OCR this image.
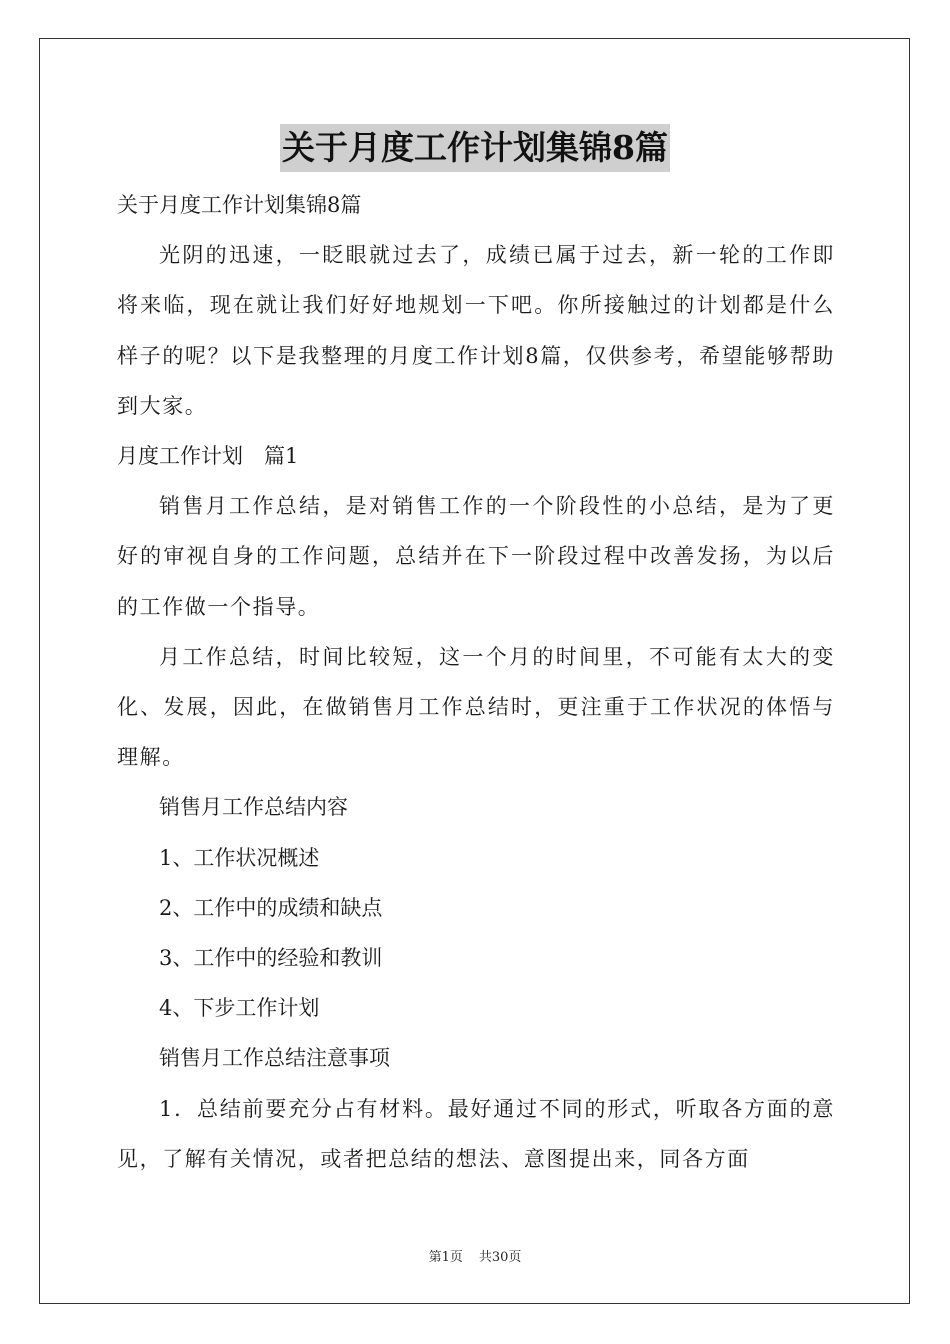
关于月度工作计划集锦8篇
关于月度工作计划集锦8篇
光阴的迅速，一眨眼就过去了，成绩已属于过去，新一轮的工作即将来临，现在就让我们好好地规划一下吧。你所接触过的计划都是什么样子的呢？以下是我整理的月度工作计划8篇，仅供参考，希望能够帮助到大家。
月度工作计划　篇1
销售月工作总结，是对销售工作的一个阶段性的小总结，是为了更好的审视自身的工作问题，总结并在下一阶段过程中改善发扬，为以后的工作做一个指导。
月工作总结，时间比较短，这一个月的时间里，不可能有太大的变化、发展，因此，在做销售月工作总结时，更注重于工作状况的体悟与理解。
销售月工作总结内容
1、工作状况概述
2、工作中的成绩和缺点
3、工作中的经验和教训
4、下步工作计划
销售月工作总结注意事项
1．总结前要充分占有材料。最好通过不同的形式，听取各方面的意见，了解有关情况，或者把总结的想法、意图提出来，同各方面
第1页 共30页
